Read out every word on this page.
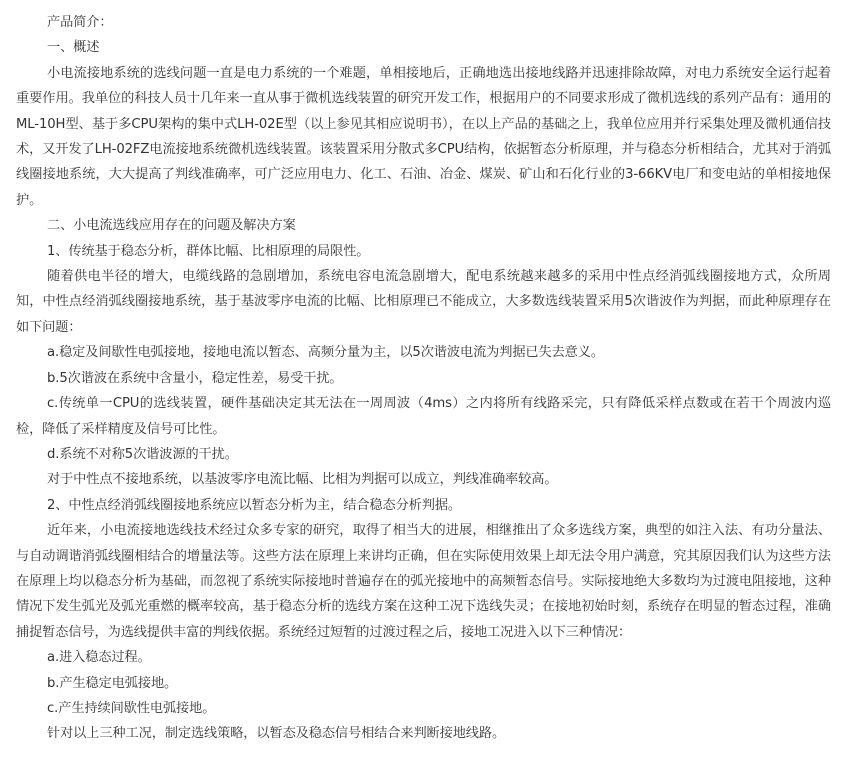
产品简介：

一、概述

小电流接地系统的选线问题一直是电力系统的一个难题，单相接地后，正确地选出接地线路并迅速排除故障，对电力系统安全运行起着重要作用。我单位的科技人员十几年来一直从事于微机选线装置的研究开发工作，根据用户的不同要求形成了微机选线的系列产品有：通用的ML-10H型、基于多CPU架构的集中式LH-02E型（以上参见其相应说明书），在以上产品的基础之上，我单位应用并行采集处理及微机通信技术，又开发了LH-02FZ电流接地系统微机选线装置。该装置采用分散式多CPU结构，依据暂态分析原理，并与稳态分析相结合，尤其对于消弧线圈接地系统，大大提高了判线准确率，可广泛应用电力、化工、石油、冶金、煤炭、矿山和石化行业的3-66KV电厂和变电站的单相接地保护。

二、小电流选线应用存在的问题及解决方案

1、传统基于稳态分析，群体比幅、比相原理的局限性。

随着供电半径的增大，电缆线路的急剧增加，系统电容电流急剧增大，配电系统越来越多的采用中性点经消弧线圈接地方式，众所周知，中性点经消弧线圈接地系统，基于基波零序电流的比幅、比相原理已不能成立，大多数选线装置采用5次谐波作为判据，而此种原理存在如下问题：

a.稳定及间歇性电弧接地，接地电流以暂态、高频分量为主，以5次谐波电流为判据已失去意义。

b.5次谐波在系统中含量小，稳定性差，易受干扰。

c.传统单一CPU的选线装置，硬件基础决定其无法在一周周波（4ms）之内将所有线路采完，只有降低采样点数或在若干个周波内巡检，降低了采样精度及信号可比性。

d.系统不对称5次谐波源的干扰。

对于中性点不接地系统，以基波零序电流比幅、比相为判据可以成立，判线准确率较高。

2、中性点经消弧线圈接地系统应以暂态分析为主，结合稳态分析判据。

近年来，小电流接地选线技术经过众多专家的研究，取得了相当大的进展，相继推出了众多选线方案，典型的如注入法、有功分量法、与自动调谐消弧线圈相结合的增量法等。这些方法在原理上来讲均正确，但在实际使用效果上却无法令用户满意，究其原因我们认为这些方法在原理上均以稳态分析为基础，而忽视了系统实际接地时普遍存在的弧光接地中的高频暂态信号。实际接地绝大多数均为过渡电阻接地，这种情况下发生弧光及弧光重燃的概率较高，基于稳态分析的选线方案在这种工况下选线失灵；在接地初始时刻，系统存在明显的暂态过程，准确捕捉暂态信号，为选线提供丰富的判线依据。系统经过短暂的过渡过程之后，接地工况进入以下三种情况：

a.进入稳态过程。

b.产生稳定电弧接地。

c.产生持续间歇性电弧接地。

针对以上三种工况，制定选线策略，以暂态及稳态信号相结合来判断接地线路。
